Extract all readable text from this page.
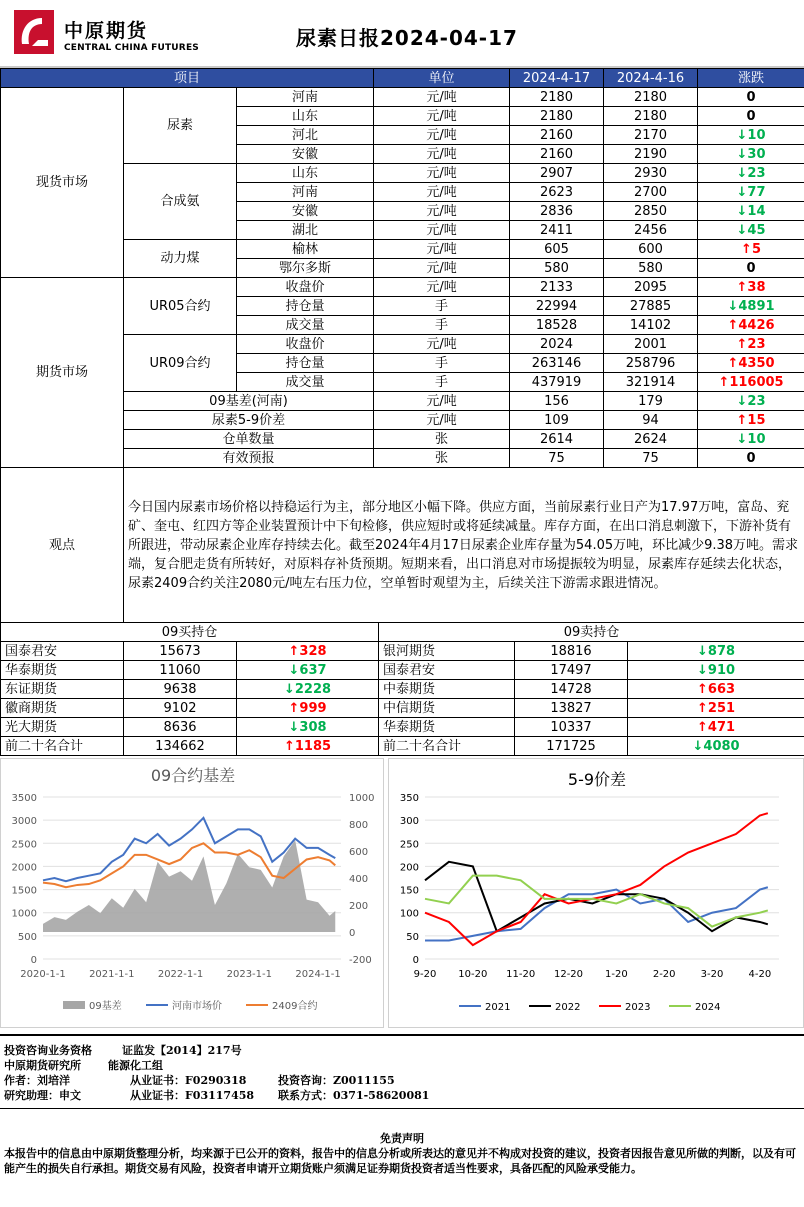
中原期货
CENTRAL CHINA FUTURES	尿素日报2024-04-17
项目			单位	2024-4-17	2024-4-16	涨跌
现货市场	尿素	河南	元/吨	2180	2180	0
		山东	元/吨	2180	2180	0
		河北	元/吨	2160	2170	↓10
		安徽	元/吨	2160	2190	↓30
	合成氨	山东	元/吨	2907	2930	↓23
		河南	元/吨	2623	2700	↓77
		安徽	元/吨	2836	2850	↓14
		湖北	元/吨	2411	2456	↓45
	动力煤	榆林	元/吨	605	600	↑5
		鄂尔多斯	元/吨	580	580	0
期货市场	UR05合约	收盘价	元/吨	2133	2095	↑38
		持仓量	手	22994	27885	↓4891
		成交量	手	18528	14102	↑4426
	UR09合约	收盘价	元/吨	2024	2001	↑23
		持仓量	手	263146	258796	↑4350
		成交量	手	437919	321914	↑116005
	09基差(河南)		元/吨	156	179	↓23
	尿素5-9价差		元/吨	109	94	↑15
	仓单数量		张	2614	2624	↓10
	有效预报		张	75	75	0
观点	今日国内尿素市场价格以持稳运行为主，部分地区小幅下降。供应方面，当前尿素行业日产为17.97万吨，富岛、兖矿、奎屯、红四方等企业装置预计中下旬检修，供应短时或将延续减量。库存方面，在出口消息刺激下，下游补货有所跟进，带动尿素企业库存持续去化。截至2024年4月17日尿素企业库存量为54.05万吨，环比减少9.38万吨。需求端，复合肥走货有所转好，对原料存补货预期。短期来看，出口消息对市场提振较为明显，尿素库存延续去化状态，尿素2409合约关注2080元/吨左右压力位，空单暂时观望为主，后续关注下游需求跟进情况。					
09买持仓			09卖持仓		
国泰君安	15673	↑328	银河期货	18816	↓878
华泰期货	11060	↓637	国泰君安	17497	↓910
东证期货	9638	↓2228	中泰期货	14728	↑663
徽商期货	9102	↑999	中信期货	13827	↑251
光大期货	8636	↓308	华泰期货	10337	↑471
前二十名合计	134662	↑1185	前二十名合计	171725	↓4080
09合约基差
0
500
1000
1500
2000
2500
3000
3500
-200
0
200
400
600
800
1000
2020-1-1 2021-1-1 2022-1-1 2023-1-1 2024-1-1
09基差	河南市场价	2409合约
5-9价差
0
50
100
150
200
250
300
350
9-20 10-20 11-20 12-20 1-20	2-20	3-20	4-20
2021	2022	2023	2024
投资咨询业务资格	证监发【2014】217号
中原期货研究所 能源化工组
作者：刘培洋	从业证书：F0290318	投资咨询：Z0011155
研究助理：申文	从业证书：F03117458 联系方式：0371-58620081
免责声明
本报告中的信息由中原期货整理分析，均来源于已公开的资料，报告中的信息分析或所表达的意见并不构成对投资的建议，投资者因报告意见所做的判断，以及有可能产生的损失自行承担。期货交易有风险，投资者申请开立期货账户须满足证券期货投资者适当性要求，具备匹配的风险承受能力。
